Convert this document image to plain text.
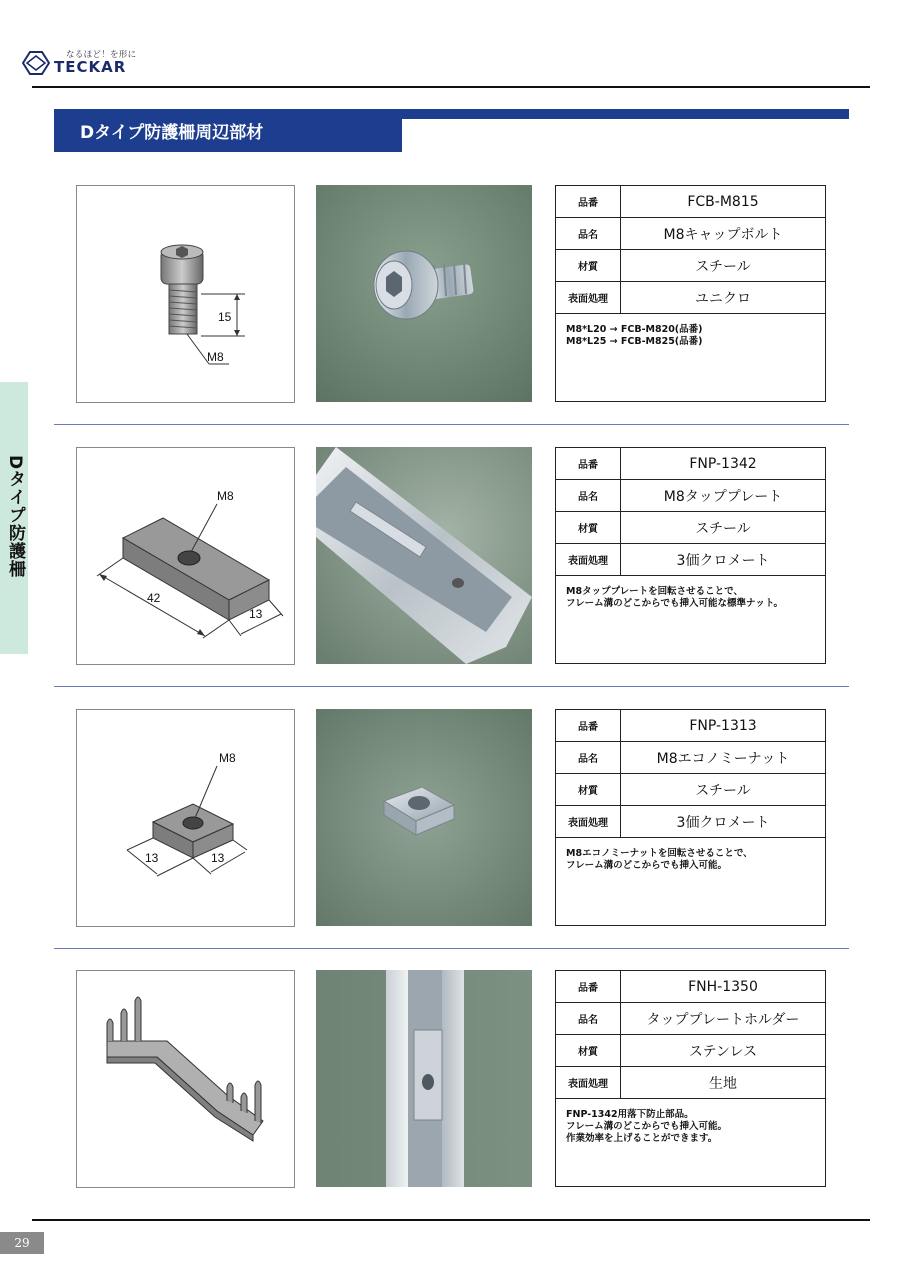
なるほど！を形に
TECKAR
Dタイプ防護柵周辺部材
Dタイプ防護柵
15
M8
品番	FCB-M815
品名	M8キャップボルト
材質	スチール
表面処理	ユニクロ
M8*L20 → FCB-M820(品番)
M8*L25 → FCB-M825(品番)
M8
42
13
品番	FNP-1342
品名	M8タッププレート
材質	スチール
表面処理	3価クロメート
M8タッププレートを回転させることで、
フレーム溝のどこからでも挿入可能な標準ナット。
M8
13	13
品番	FNP-1313
品名	M8エコノミーナット
材質	スチール
表面処理	3価クロメート
M8エコノミーナットを回転させることで、
フレーム溝のどこからでも挿入可能。
品番	FNH-1350
品名	タッププレートホルダー
材質	ステンレス
表面処理	生地
FNP-1342用落下防止部品。
フレーム溝のどこからでも挿入可能。
作業効率を上げることができます。
29
